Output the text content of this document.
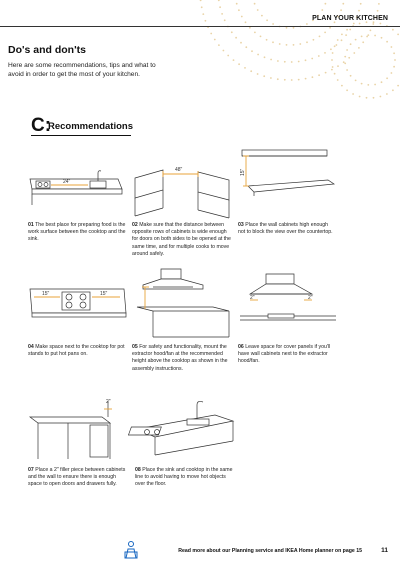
PLAN YOUR KITCHEN
Do's and don'ts
Here are some recommendations, tips and what to avoid in order to get the most of your kitchen.
C:
Recommendations
24"
01 The best place for preparing food is the work surface between the cooktop and the sink.
48"
02 Make sure that the distance between opposite rows of cabinets is wide enough for doors on both sides to be opened at the same time, and for multiple cooks to move around safely.
15"
03 Place the wall cabinets high enough not to block the view over the countertop.
15"	15"
04 Make space next to the cooktop for pot stands to put hot pans on.
05 For safety and functionality, mount the extractor hood/fan at the recommended height above the cooktop as shown in the assembly instructions.
2"	2"
06 Leave space for cover panels if you'll have wall cabinets next to the extractor hood/fan.
2"
07 Place a 2" filler piece between cabinets and the wall to ensure there is enough space to open doors and drawers fully.
08 Place the sink and cooktop in the same line to avoid having to move hot objects over the floor.
Read more about our Planning service and IKEA Home planner on page 15	11
